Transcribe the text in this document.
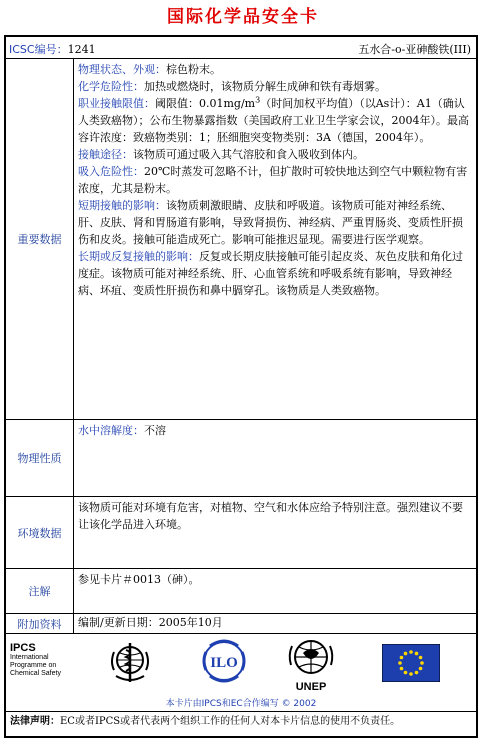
国际化学品安全卡
ICSC编号：1241	五水合-o-亚砷酸铁(III)
重要数据

物理状态、外观：棕色粉末。

化学危险性：加热或燃烧时，该物质分解生成砷和铁有毒烟雾。

职业接触限值：阈限值：$0.01mg/m^3$（时间加权平均值）（以As计）：A1（确认人类致癌物）；公布生物暴露指数（美国政府工业卫生学家会议，2004年）。最高容许浓度：致癌物类别：1；胚细胞突变物类别：3A（德国，2004年）。

接触途径：该物质可通过吸入其气溶胶和食入吸收到体内。

吸入危险性：20℃时蒸发可忽略不计，但扩散时可较快地达到空气中颗粒物有害浓度，尤其是粉末。

短期接触的影响：该物质刺激眼睛、皮肤和呼吸道。该物质可能对神经系统、肝、皮肤、肾和胃肠道有影响，导致肾损伤、神经病、严重胃肠炎、变质性肝损伤和皮炎。接触可能造成死亡。影响可能推迟显现。需要进行医学观察。

长期或反复接触的影响：反复或长期皮肤接触可能引起皮炎、灰色皮肤和角化过度症。该物质可能对神经系统、肝、心血管系统和呼吸系统有影响，导致神经病、坏疽、变质性肝损伤和鼻中膈穿孔。该物质是人类致癌物。

物理性质
水中溶解度：不溶
环境数据
该物质可能对环境有危害，对植物、空气和水体应给予特别注意。强烈建议不要让该化学品进入环境。
注解
参见卡片＃0013（砷）。
附加资料	编制/更新日期：2005年10月
IPCS
International
Programme on
Chemical Safety
ILO
UNEP
本卡片由IPCS和EC合作编写 © 2002
法律声明：EC或者IPCS或者代表两个组织工作的任何人对本卡片信息的使用不负责任。
